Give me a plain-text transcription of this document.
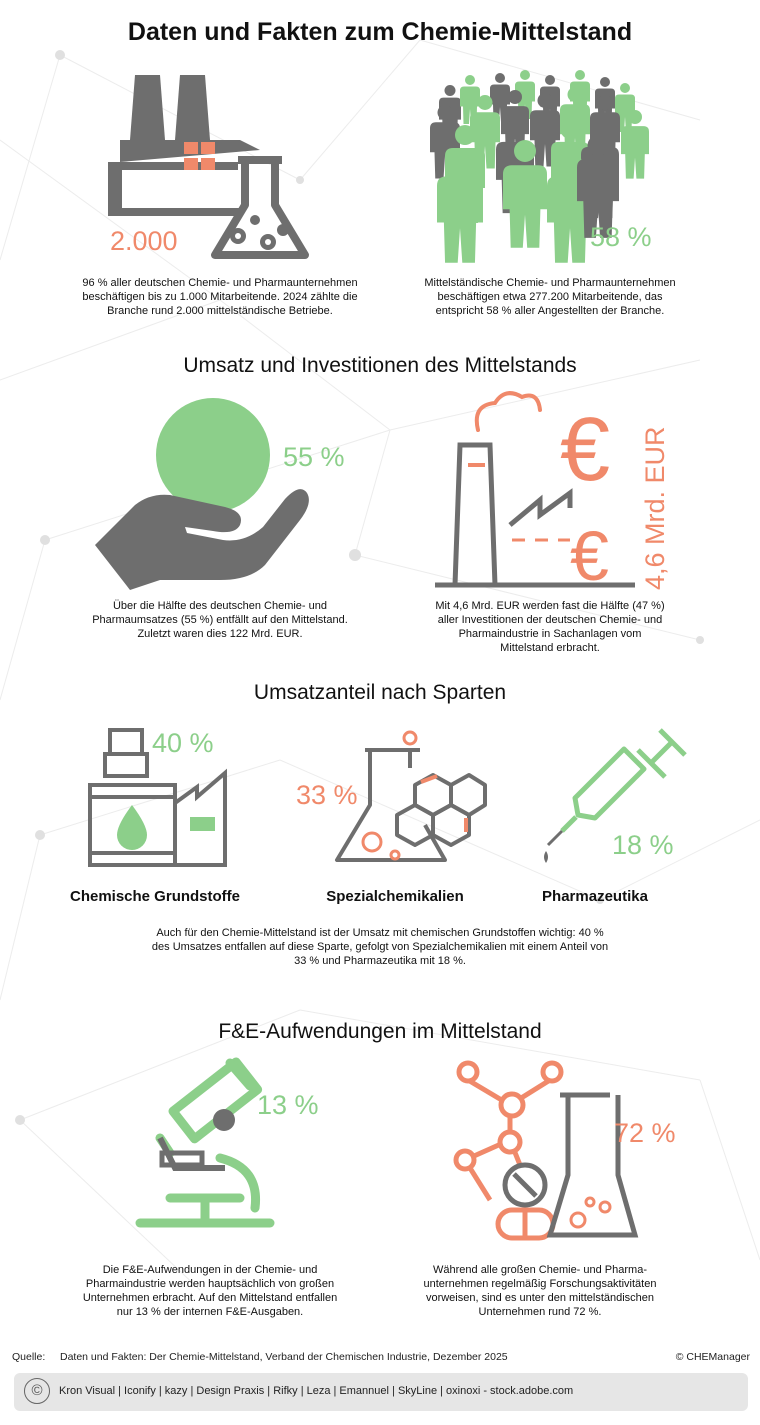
Daten und Fakten zum Chemie-Mittelstand
2.000	58 %
96 % aller deutschen Chemie- und Pharmaunternehmen
beschäftigen bis zu 1.000 Mitarbeitende. 2024 zählte die
Branche rund 2.000 mittelständische Betriebe.
Mittelständische Chemie- und Pharmaunternehmen
beschäftigen etwa 277.200 Mitarbeitende, das
entspricht 58 % aller Angestellten der Branche.
Umsatz und Investitionen des Mittelstands
55 % €
€ 4,6 Mrd. EUR
Über die Hälfte des deutschen Chemie- und
Pharmaumsatzes (55 %) entfällt auf den Mittelstand.
Zuletzt waren dies 122 Mrd. EUR.
Mit 4,6 Mrd. EUR werden fast die Hälfte (47 %)
aller Investitionen der deutschen Chemie- und
Pharmaindustrie in Sachanlagen vom
Mittelstand erbracht.
Umsatzanteil nach Sparten
40 %
33 %
18 %
Chemische Grundstoffe	Spezialchemikalien	Pharmazeutika
Auch für den Chemie-Mittelstand ist der Umsatz mit chemischen Grundstoffen wichtig: 40 %
des Umsatzes entfallen auf diese Sparte, gefolgt von Spezialchemikalien mit einem Anteil von
33 % und Pharmazeutika mit 18 %.
F&E-Aufwendungen im Mittelstand
13 %
72 %
Die F&E-Aufwendungen in der Chemie- und
Pharmaindustrie werden hauptsächlich von großen
Unternehmen erbracht. Auf den Mittelstand entfallen
nur 13 % der internen F&E-Ausgaben.
Während alle großen Chemie- und Pharma-
unternehmen regelmäßig Forschungsaktivitäten
vorweisen, sind es unter den mittelständischen
Unternehmen rund 72 %.
Quelle: Daten und Fakten: Der Chemie-Mittelstand, Verband der Chemischen Industrie, Dezember 2025	© CHEManager
©	Kron Visual | Iconify | kazy | Design Praxis | Rifky | Leza | Emannuel | SkyLine | oxinoxi - stock.adobe.com
